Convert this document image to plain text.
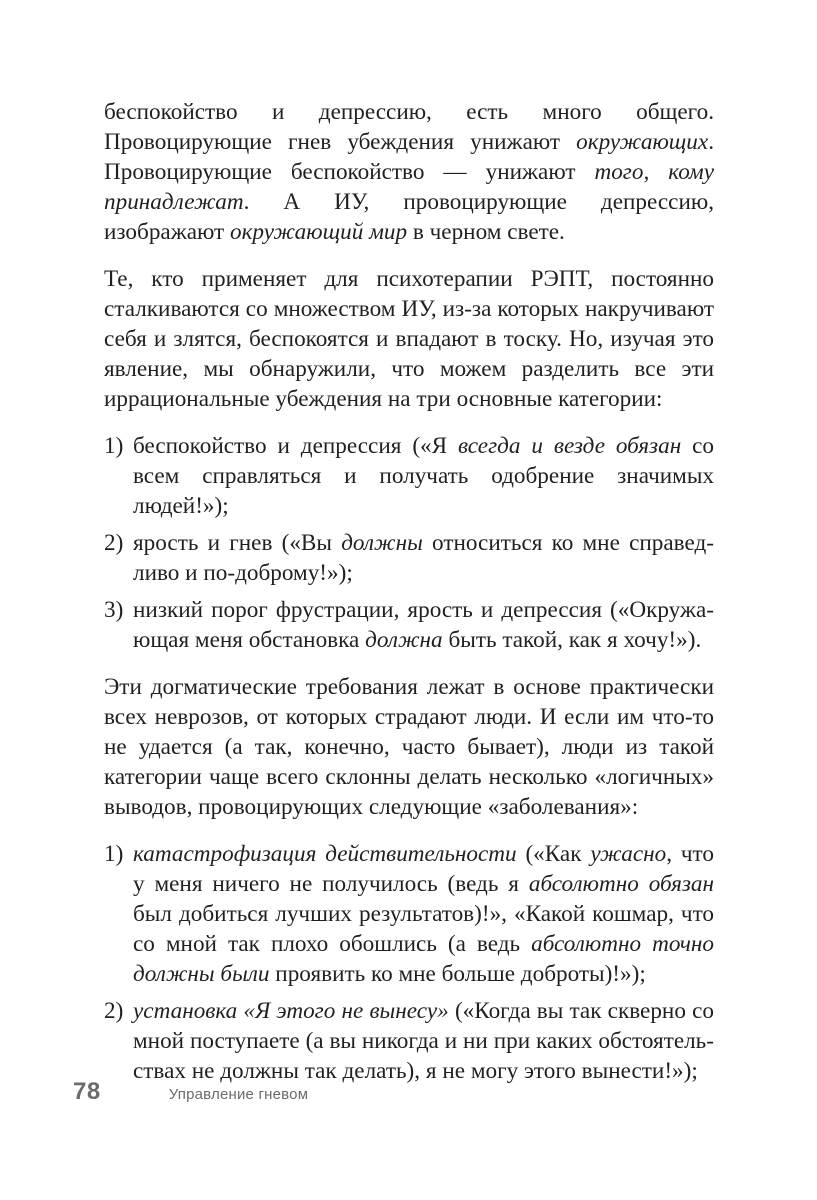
беспокойство и депрессию, есть много общего. Провоцирующие гнев убеждения унижают окружающих. Провоцирующие беспокойство — унижают того, кому принадлежат. А ИУ, провоцирующие депрессию, изображают окружающий мир в черном свете.

Те, кто применяет для психотерапии РЭПТ, постоянно сталкиваются со множеством ИУ, из-за которых накручивают себя и злятся, беспокоятся и впадают в тоску. Но, изучая это явление, мы обнаружили, что можем разделить все эти иррациональные убеждения на три основные категории:

1) беспокойство и депрессия («Я всегда и везде обязан со всем справляться и получать одобрение значимых людей!»);
2) ярость и гнев («Вы должны относиться ко мне справедливо и по-доброму!»);
3) низкий порог фрустрации, ярость и депрессия («Окружающая меня обстановка должна быть такой, как я хочу!»).

Эти догматические требования лежат в основе практически всех неврозов, от которых страдают люди. И если им что-то не удается (а так, конечно, часто бывает), люди из такой категории чаще всего склонны делать несколько «логичных» выводов, провоцирующих следующие «заболевания»:

1) катастрофизация действительности («Как ужасно, что у меня ничего не получилось (ведь я абсолютно обязан был добиться лучших результатов)!», «Какой кошмар, что со мной так плохо обошлись (а ведь абсолютно точно должны были проявить ко мне больше доброты)!»);
2) установка «Я этого не вынесу» («Когда вы так скверно со мной поступаете (а вы никогда и ни при каких обстоятельствах не должны так делать), я не могу этого вынести!»);
78	Управление гневом
